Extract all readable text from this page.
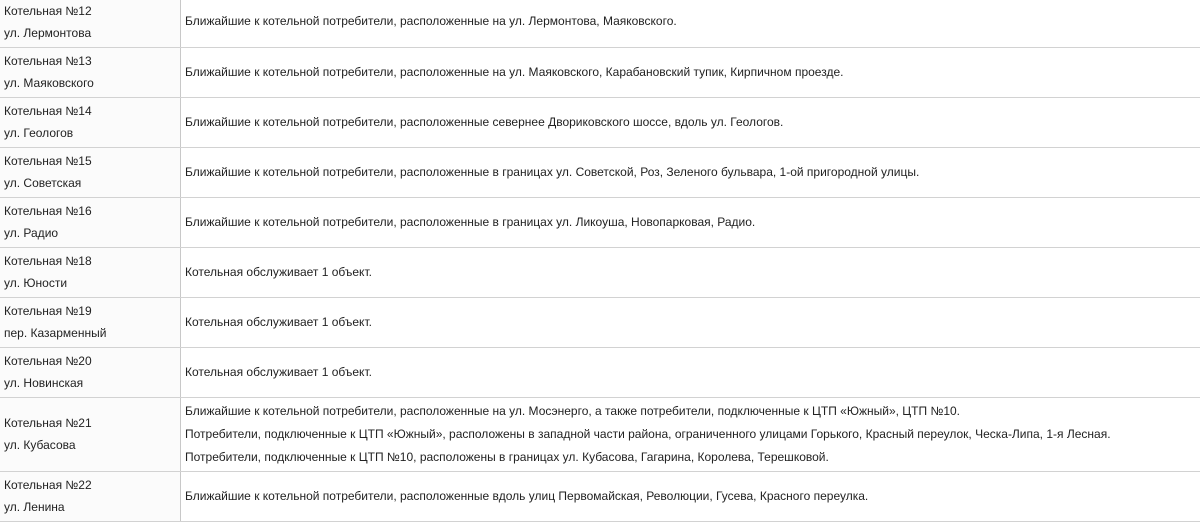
Котельная №12
ул. Лермонтова	Ближайшие к котельной потребители, расположенные на ул. Лермонтова, Маяковского.

Котельная №13
ул. Маяковского	Ближайшие к котельной потребители, расположенные на ул. Маяковского, Карабановский тупик, Кирпичном проезде.

Котельная №14
ул. Геологов	Ближайшие к котельной потребители, расположенные севернее Двориковского шоссе, вдоль ул. Геологов.

Котельная №15
ул. Советская	Ближайшие к котельной потребители, расположенные в границах ул. Советской, Роз, Зеленого бульвара, 1-ой пригородной улицы.

Котельная №16
ул. Радио	Ближайшие к котельной потребители, расположенные в границах ул. Ликоуша, Новопарковая, Радио.

Котельная №18
ул. Юности	Котельная обслуживает 1 объект.

Котельная №19
пер. Казарменный	Котельная обслуживает 1 объект.

Котельная №20
ул. Новинская	Котельная обслуживает 1 объект.

Котельная №21
ул. Кубасова	Ближайшие к котельной потребители, расположенные на ул. Мосэнерго, а также потребители, подключенные к ЦТП «Южный», ЦТП №10.
Потребители, подключенные к ЦТП «Южный», расположены в западной части района, ограниченного улицами Горького, Красный переулок, Ческа-Липа, 1-я Лесная.
Потребители, подключенные к ЦТП №10, расположены в границах ул. Кубасова, Гагарина, Королева, Терешковой.

Котельная №22
ул. Ленина	Ближайшие к котельной потребители, расположенные вдоль улиц Первомайская, Революции, Гусева, Красного переулка.
